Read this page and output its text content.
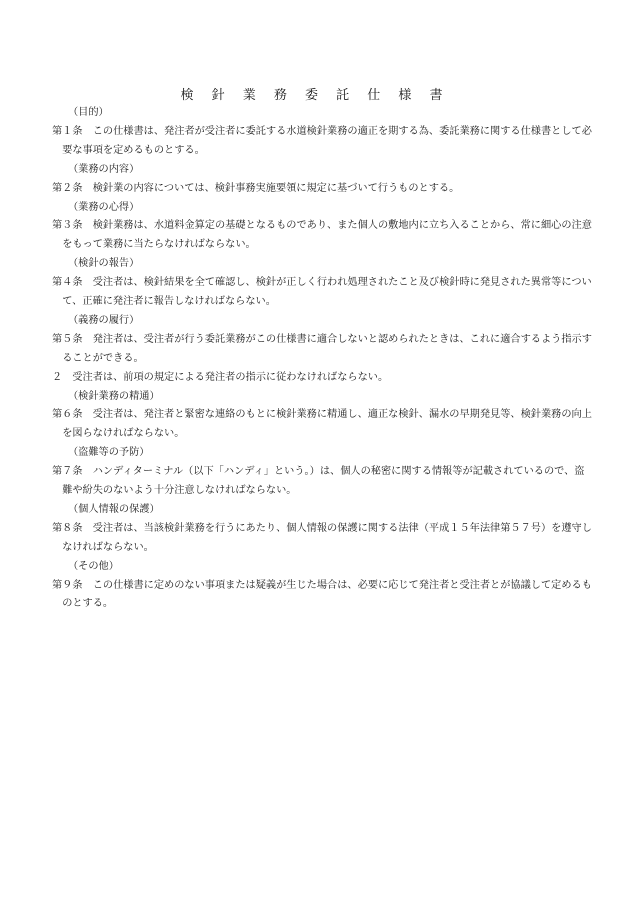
検 針 業 務 委 託 仕 様 書
（目的）
第１条　 この仕様書は、発注者が受注者に委託する水道検針業務の適正を期する為、委託業務に関する仕様書として必要な事項を定めるものとする。
（業務の内容）
第２条　 検針業の内容については、検針事務実施要領に規定に基づいて行うものとする。
（業務の心得）
第３条　 検針業務は、水道料金算定の基礎となるものであり、また個人の敷地内に立ち入ることから、常に細心の注意をもって業務に当たらなければならない。
（検針の報告）
第４条　 受注者は、検針結果を全て確認し、検針が正しく行われ処理されたこと及び検針時に発見された異常等について、正確に発注者に報告しなければならない。
（義務の履行）
第５条　 発注者は、受注者が行う委託業務がこの仕様書に適合しないと認められたときは、これに適合するよう指示することができる。
２　 受注者は、前項の規定による発注者の指示に従わなければならない。
（検針業務の精通）
第６条　 受注者は、発注者と緊密な連絡のもとに検針業務に精通し、適正な検針、漏水の早期発見等、検針業務の向上を図らなければならない。
（盗難等の予防）
第７条　 ハンディターミナル（以下「ハンディ」という。）は、個人の秘密に関する情報等が記載されているので、盗難や紛失のないよう十分注意しなければならない。
（個人情報の保護）
第８条　 受注者は、当該検針業務を行うにあたり、個人情報の保護に関する法律（平成１５年法律第５７号）を遵守しなければならない。
（その他）
第９条　 この仕様書に定めのない事項または疑義が生じた場合は、必要に応じて発注者と受注者とが協議して定めるものとする。
